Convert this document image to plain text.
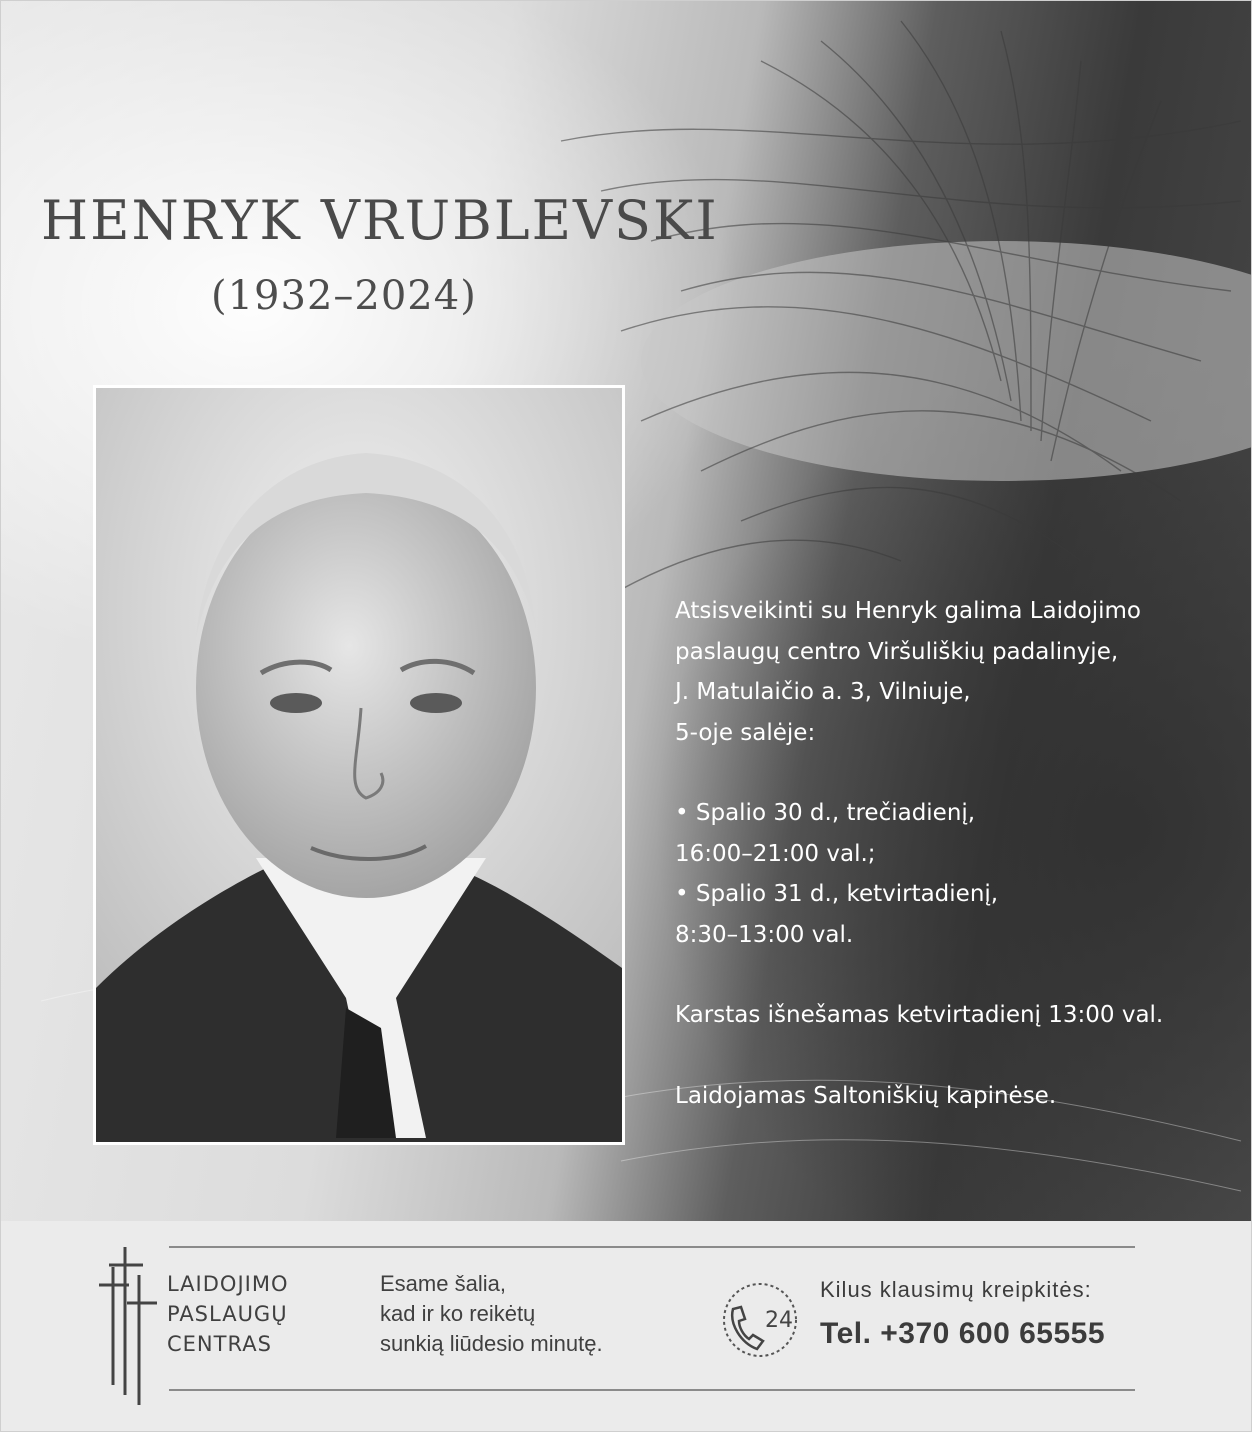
HENRYK VRUBLEVSKI
(1932–2024)

Atsisveikinti su Henryk galima Laidojimo

paslaugų centro Viršuliškių padalinyje,

J. Matulaičio a. 3, Vilniuje,

5-oje salėje:

• Spalio 30 d., trečiadienį,

16:00–21:00 val.;

• Spalio 31 d., ketvirtadienį,

8:30–13:00 val.

Karstas išnešamas ketvirtadienį 13:00 val.

Laidojamas Saltoniškių kapinėse.

LAIDOJIMO
PASLAUGŲ
CENTRAS
Esame šalia,
kad ir ko reikėtų
sunkią liūdesio minutę.
24
Kilus klausimų kreipkitės:
Tel. +370 600 65555
